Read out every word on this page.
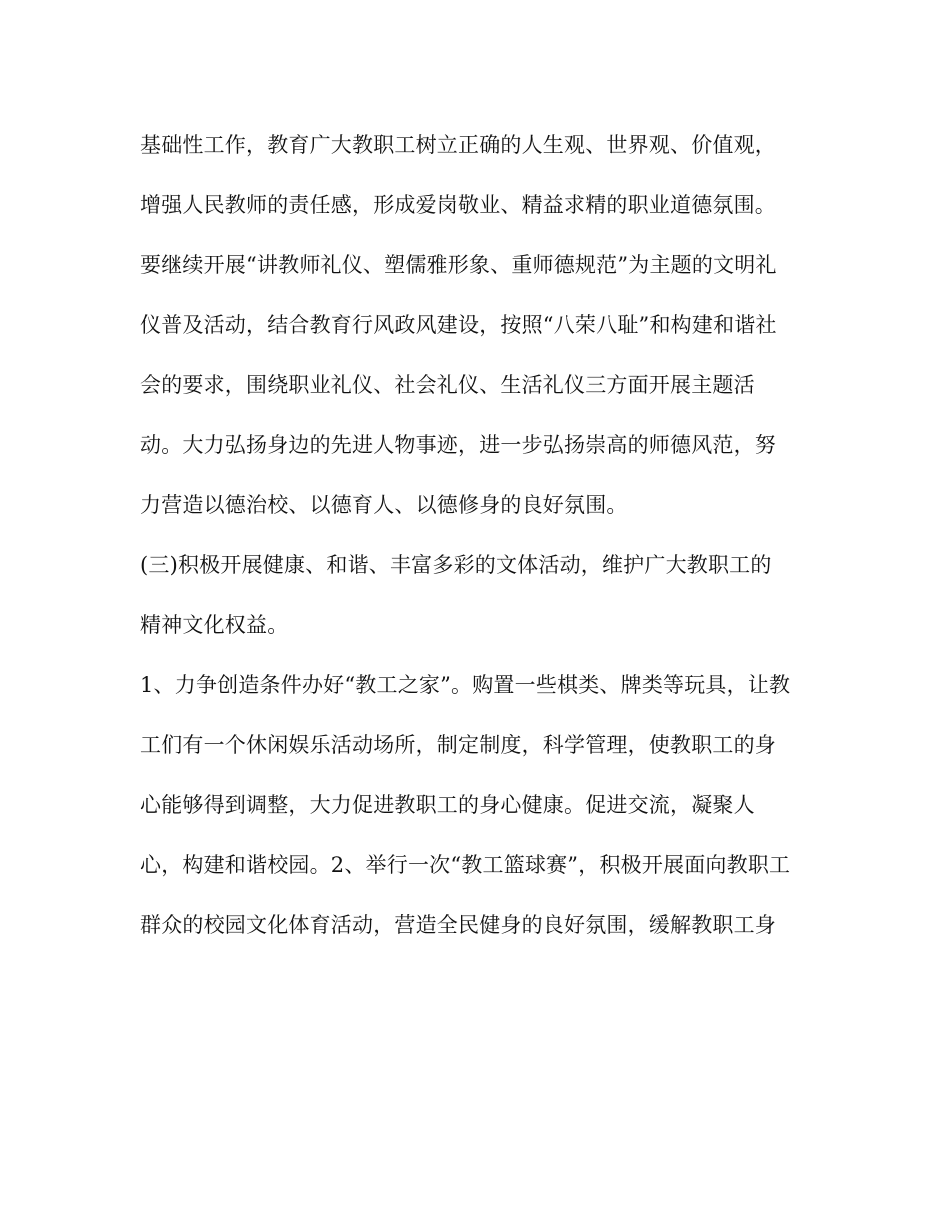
基础性工作，教育广大教职工树立正确的人生观、世界观、价值观，
增强人民教师的责任感，形成爱岗敬业、精益求精的职业道德氛围。
要继续开展“讲教师礼仪、塑儒雅形象、重师德规范”为主题的文明礼
仪普及活动，结合教育行风政风建设，按照“八荣八耻”和构建和谐社
会的要求，围绕职业礼仪、社会礼仪、生活礼仪三方面开展主题活
动。大力弘扬身边的先进人物事迹，进一步弘扬崇高的师德风范，努
力营造以德治校、以德育人、以德修身的良好氛围。
(三)积极开展健康、和谐、丰富多彩的文体活动，维护广大教职工的
精神文化权益。
1、力争创造条件办好“教工之家”。购置一些棋类、牌类等玩具，让教
工们有一个休闲娱乐活动场所，制定制度，科学管理，使教职工的身
心能够得到调整，大力促进教职工的身心健康。促进交流，凝聚人
心，构建和谐校园。2、举行一次“教工篮球赛”，积极开展面向教职工
群众的校园文化体育活动，营造全民健身的良好氛围，缓解教职工身
